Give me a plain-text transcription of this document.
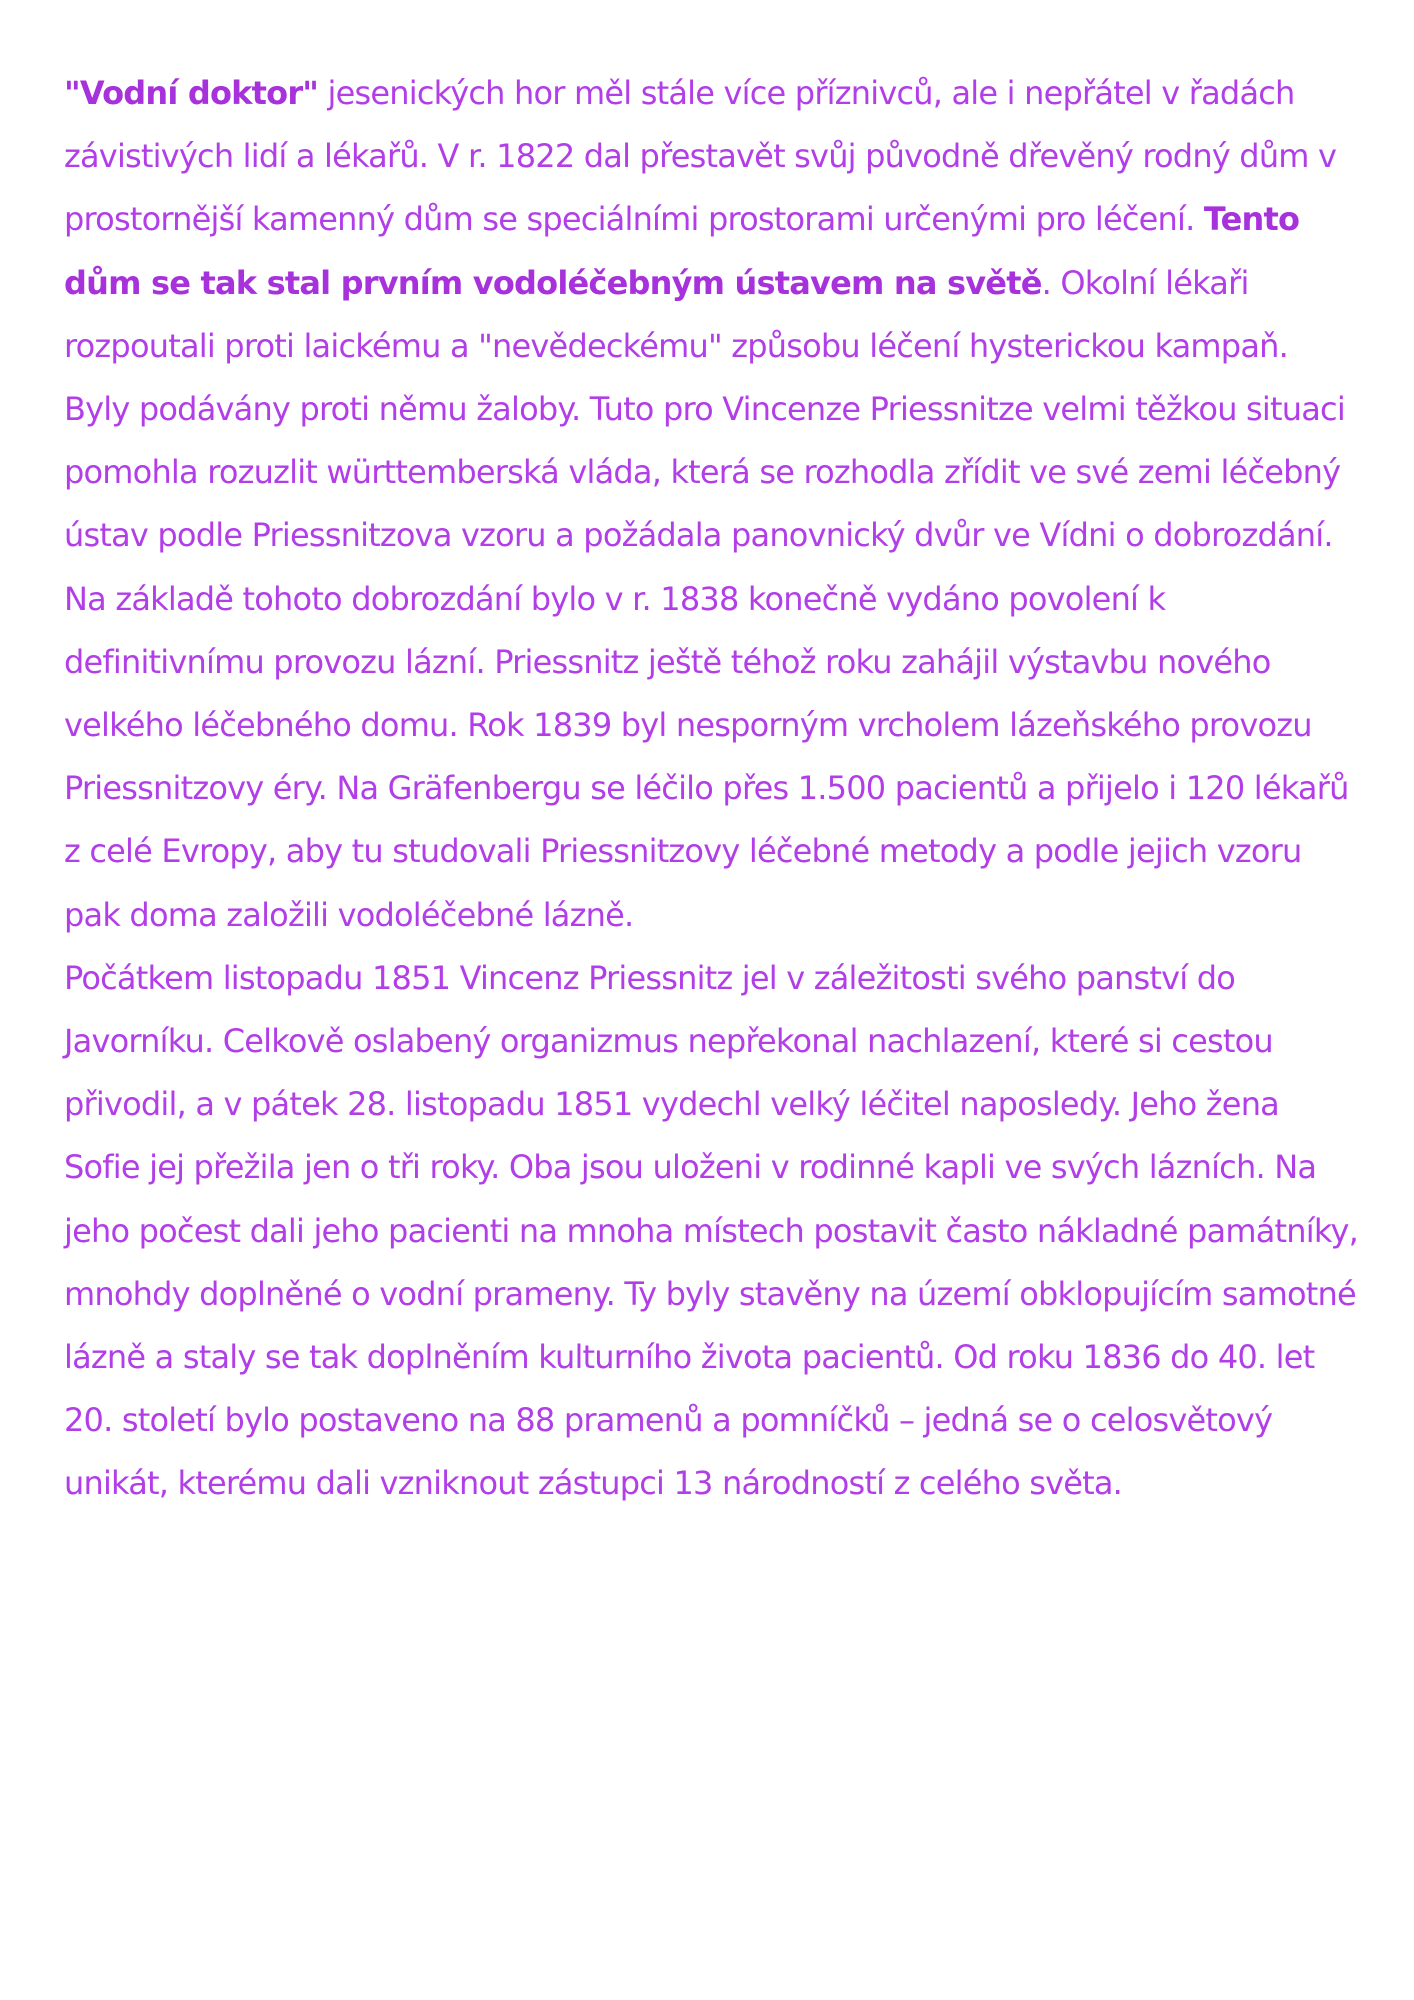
"Vodní doktor" jesenických hor měl stále více příznivců, ale i nepřátel v řadách závistivých lidí a lékařů. V r. 1822 dal přestavět svůj původně dřevěný rodný dům v prostornější kamenný dům se speciálními prostorami určenými pro léčení. Tento dům se tak stal prvním vodoléčebným ústavem na světě. Okolní lékaři rozpoutali proti laickému a "nevědeckému" způsobu léčení hysterickou kampaň.

Byly podávány proti němu žaloby. Tuto pro Vincenze Priessnitze velmi těžkou situaci pomohla rozuzlit württemberská vláda, která se rozhodla zřídit ve své zemi léčebný ústav podle Priessnitzova vzoru a požádala panovnický dvůr ve Vídni o dobrozdání. Na základě tohoto dobrozdání bylo v r. 1838 konečně vydáno povolení k definitivnímu provozu lázní. Priessnitz ještě téhož roku zahájil výstavbu nového velkého léčebného domu. Rok 1839 byl nesporným vrcholem lázeňského provozu Priessnitzovy éry. Na Gräfenbergu se léčilo přes 1.500 pacientů a přijelo i 120 lékařů z celé Evropy, aby tu studovali Priessnitzovy léčebné metody a podle jejich vzoru pak doma založili vodoléčebné lázně.

Počátkem listopadu 1851 Vincenz Priessnitz jel v záležitosti svého panství do Javorníku. Celkově oslabený organizmus nepřekonal nachlazení, které si cestou přivodil, a v pátek 28. listopadu 1851 vydechl velký léčitel naposledy. Jeho žena Sofie jej přežila jen o tři roky. Oba jsou uloženi v rodinné kapli ve svých lázních. Na jeho počest dali jeho pacienti na mnoha místech postavit často nákladné památníky, mnohdy doplněné o vodní prameny. Ty byly stavěny na území obklopujícím samotné lázně a staly se tak doplněním kulturního života pacientů. Od roku 1836 do 40. let 20. století bylo postaveno na 88 pramenů a pomníčků – jedná se o celosvětový unikát, kterému dali vzniknout zástupci 13 národností z celého světa.
